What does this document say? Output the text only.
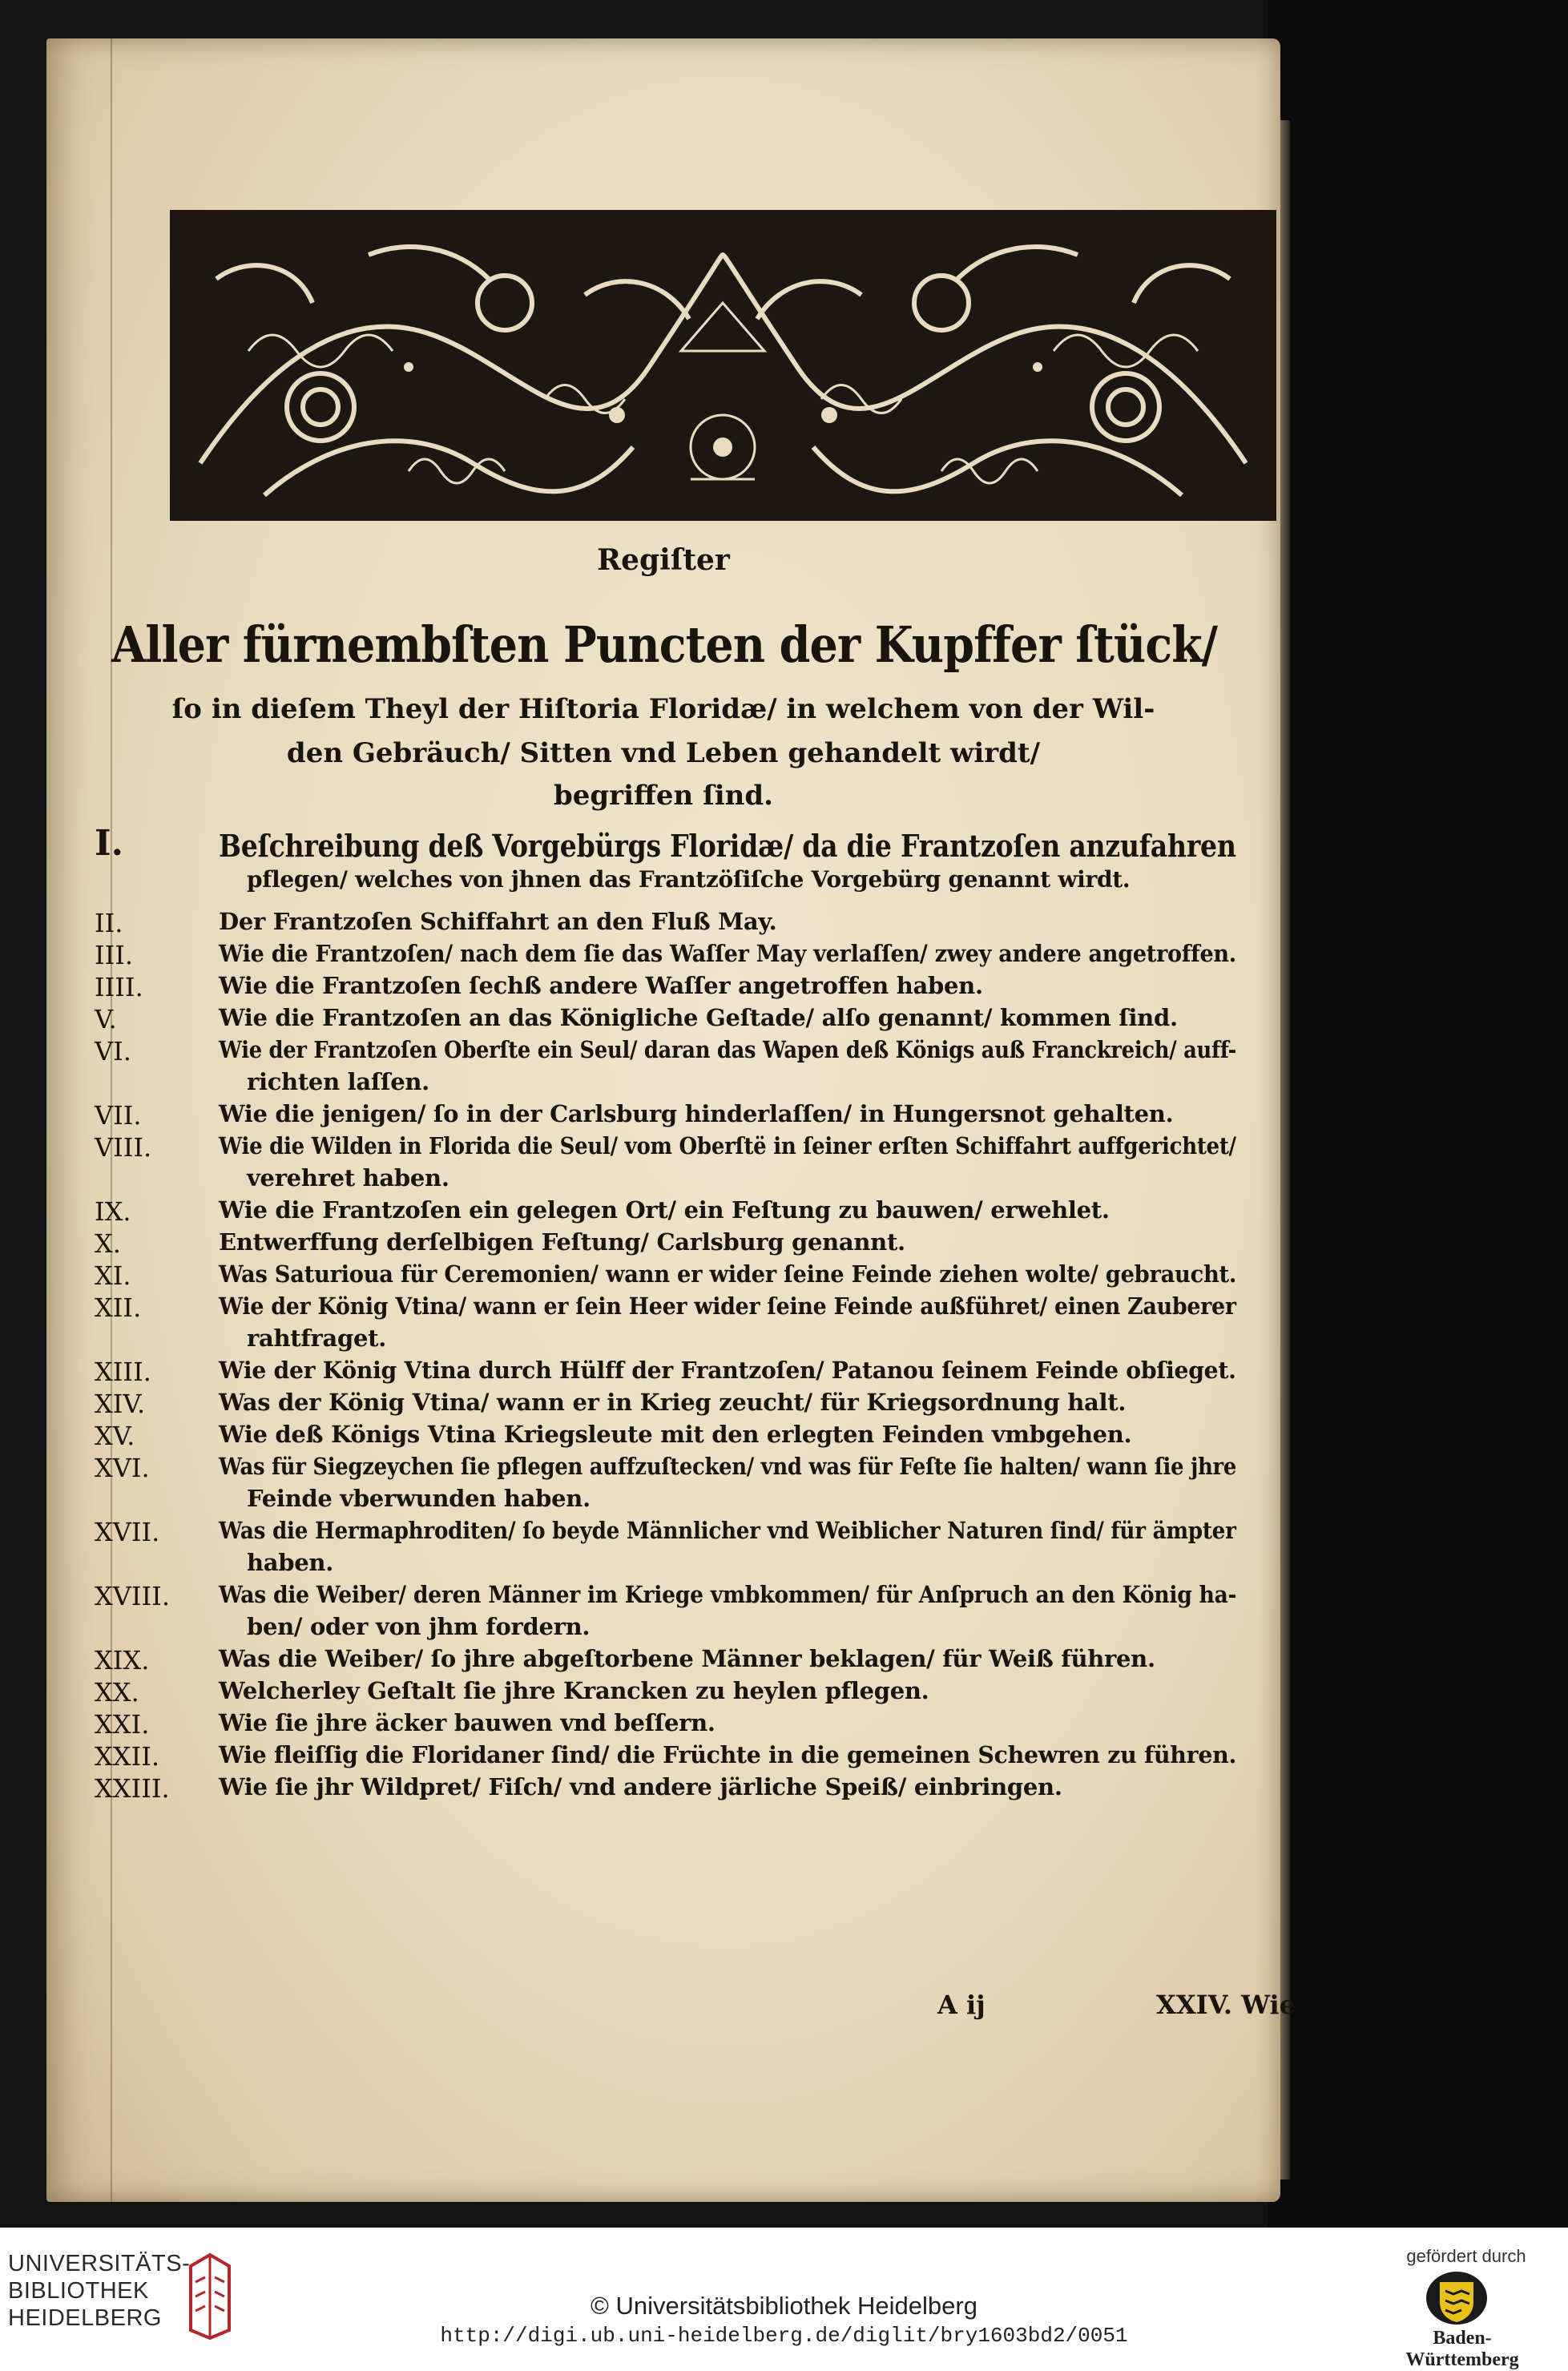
Regiſter
Aller fürnembſten Puncten der Kupffer ſtück/
ſo in dieſem Theyl der Hiſtoria Floridæ/ in welchem von der Wil-
den Gebräuch/ Sitten vnd Leben gehandelt wirdt/
begriffen ſind.
I.	Beſchreibung deß Vorgebürgs Floridæ/ da die Frantzoſen anzufahren
pflegen/ welches von jhnen das Frantzöſiſche Vorgebürg genannt wirdt.
II.	Der Frantzoſen Schiffahrt an den Fluß May.
III.	Wie die Frantzoſen/ nach dem ſie das Waſſer May verlaſſen/ zwey andere angetroffen.
IIII.	Wie die Frantzoſen ſechß andere Waſſer angetroffen haben.
V.	Wie die Frantzoſen an das Königliche Geſtade/ alſo genannt/ kommen ſind.
VI.	Wie der Frantzoſen Oberſte ein Seul/ daran das Wapen deß Königs auß Franckreich/ auff-
richten laſſen.
VII.	Wie die jenigen/ ſo in der Carlsburg hinderlaſſen/ in Hungersnot gehalten.
VIII.	Wie die Wilden in Florida die Seul/ vom Oberſtë in ſeiner erſten Schiffahrt auffgerichtet/
verehret haben.
IX.	Wie die Frantzoſen ein gelegen Ort/ ein Feſtung zu bauwen/ erwehlet.
X.	Entwerffung derſelbigen Feſtung/ Carlsburg genannt.
XI.	Was Saturioua für Ceremonien/ wann er wider ſeine Feinde ziehen wolte/ gebraucht.
XII.	Wie der König Vtina/ wann er ſein Heer wider ſeine Feinde außführet/ einen Zauberer
rahtfraget.
XIII.	Wie der König Vtina durch Hülff der Frantzoſen/ Patanou ſeinem Feinde obſieget.
XIV.	Was der König Vtina/ wann er in Krieg zeucht/ für Kriegsordnung halt.
XV.	Wie deß Königs Vtina Kriegsleute mit den erlegten Feinden vmbgehen.
XVI.	Was für Siegzeychen ſie pflegen auffzuſtecken/ vnd was für Feſte ſie halten/ wann ſie jhre
Feinde vberwunden haben.
XVII.	Was die Hermaphroditen/ ſo beyde Männlicher vnd Weiblicher Naturen ſind/ für ämpter
haben.
XVIII. Was die Weiber/ deren Männer im Kriege vmbkommen/ für Anſpruch an den König ha-
ben/ oder von jhm fordern.
XIX.	Was die Weiber/ ſo jhre abgeſtorbene Männer beklagen/ für Weiß führen.
XX.	Welcherley Geſtalt ſie jhre Krancken zu heylen pflegen.
XXI.	Wie ſie jhre äcker bauwen vnd beſſern.
XXII.	Wie fleiſſig die Floridaner ſind/ die Früchte in die gemeinen Schewren zu führen.
XXIII. Wie ſie jhr Wildpret/ Fiſch/ vnd andere järliche Speiß/ einbringen.
A ij	XXIV. Wie
UNIVERSITÄTS-
BIBLIOTHEK
HEIDELBERG	© Universitätsbibliothek Heidelberg
http://digi.ub.uni-heidelberg.de/diglit/bry1603bd2/0051
gefördert durch
Baden-Württemberg
